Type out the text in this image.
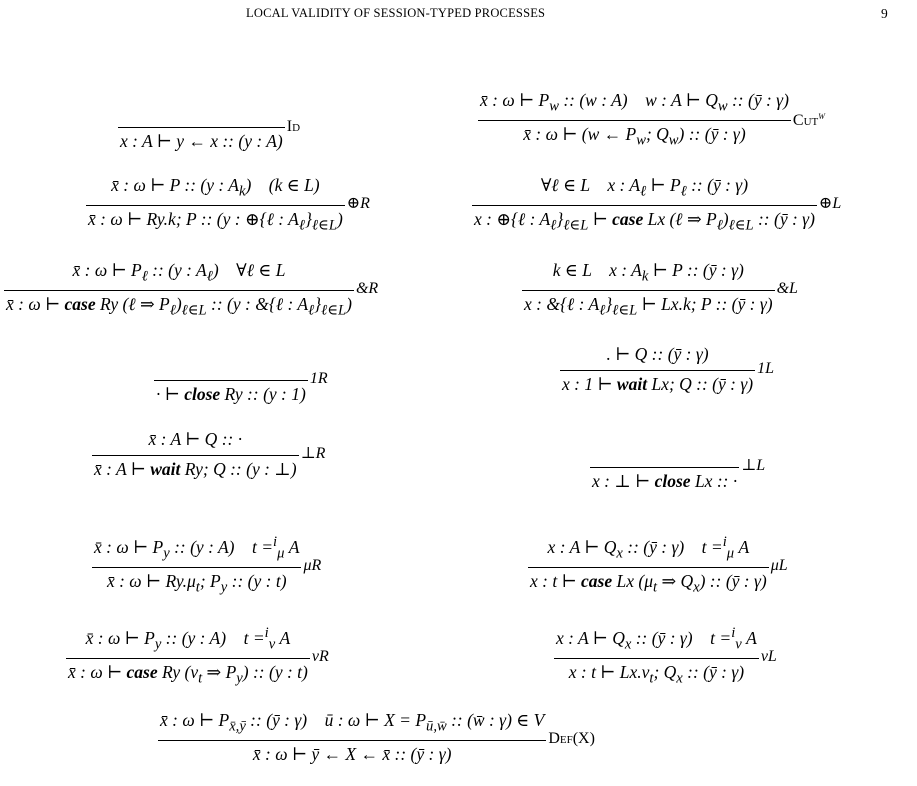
LOCAL VALIDITY OF SESSION-TYPED PROCESSES	9
Id
x : A ⊢ y ← x :: (y : A)
x̄ : ω ⊢ $P_w$ :: (w : A)    w : A ⊢ $Q_w$ :: (ȳ : γ)
Cut$^w$
x̄ : ω ⊢ (w ← $P_w$; $Q_w$) :: (ȳ : γ)
x̄ : ω ⊢ P :: (y : $A_k$)    (k ∈ L)
⊕R
x̄ : ω ⊢ Ry.k; P :: (y : ⊕{ℓ : $A_\ell\}_{\ell\in L}$)
∀ℓ ∈ L    x : $A_\ell$ ⊢ $P_\ell$ :: (ȳ : γ)
⊕L
x : ⊕{ℓ : $A_\ell\}_{\ell\in L}$ ⊢ case Lx (ℓ ⇒ $P_\ell)_{\ell\in L}$ :: (ȳ : γ)
x̄ : ω ⊢ $P_\ell$ :: (y : $A_\ell$)    ∀ℓ ∈ L
&R
x̄ : ω ⊢ case Ry (ℓ ⇒ $P_\ell)_{\ell\in L}$ :: (y : &{ℓ : $A_\ell\}_{\ell\in L}$)
k ∈ L    x : $A_k$ ⊢ P :: (ȳ : γ)
&L
x : &{ℓ : $A_\ell\}_{\ell\in L}$ ⊢ Lx.k; P :: (ȳ : γ)
1R
· ⊢ close Ry :: (y : 1)
. ⊢ Q :: (ȳ : γ)
1L
x : 1 ⊢ wait Lx; Q :: (ȳ : γ)
x̄ : A ⊢ Q :: ·
⊥R
x̄ : A ⊢ wait Ry; Q :: (y : ⊥)	⊥L
x : ⊥ ⊢ close Lx :: ·
x̄ : ω ⊢ $P_y$ :: (y : A)    t =$^i_\mu$ A
μR
x̄ : ω ⊢ $Ry.\mu_t$; $P_y$ :: (y : t)
x : A ⊢ $Q_x$ :: (ȳ : γ)    t =$^i_\mu$ A
μL
x : t ⊢ case Lx ($\mu_t$ ⇒ $Q_x$) :: (ȳ : γ)
x̄ : ω ⊢ $P_y$ :: (y : A)    t =$^i_\nu$ A
νR
x̄ : ω ⊢ case Ry ($\nu_t$ ⇒ $P_y$) :: (y : t)
x : A ⊢ $Q_x$ :: (ȳ : γ)    t =$^i_\nu$ A
νL
x : t ⊢ $Lx.\nu_t$; $Q_x$ :: (ȳ : γ)
x̄ : ω ⊢ $P_{x̄,ȳ}$ :: (ȳ : γ)    ū : ω ⊢ $X = P_{ū,w̄}$ :: (w̄ : γ) ∈ V
Def(X)
x̄ : ω ⊢ ȳ ← X ← x̄ :: (ȳ : γ)
